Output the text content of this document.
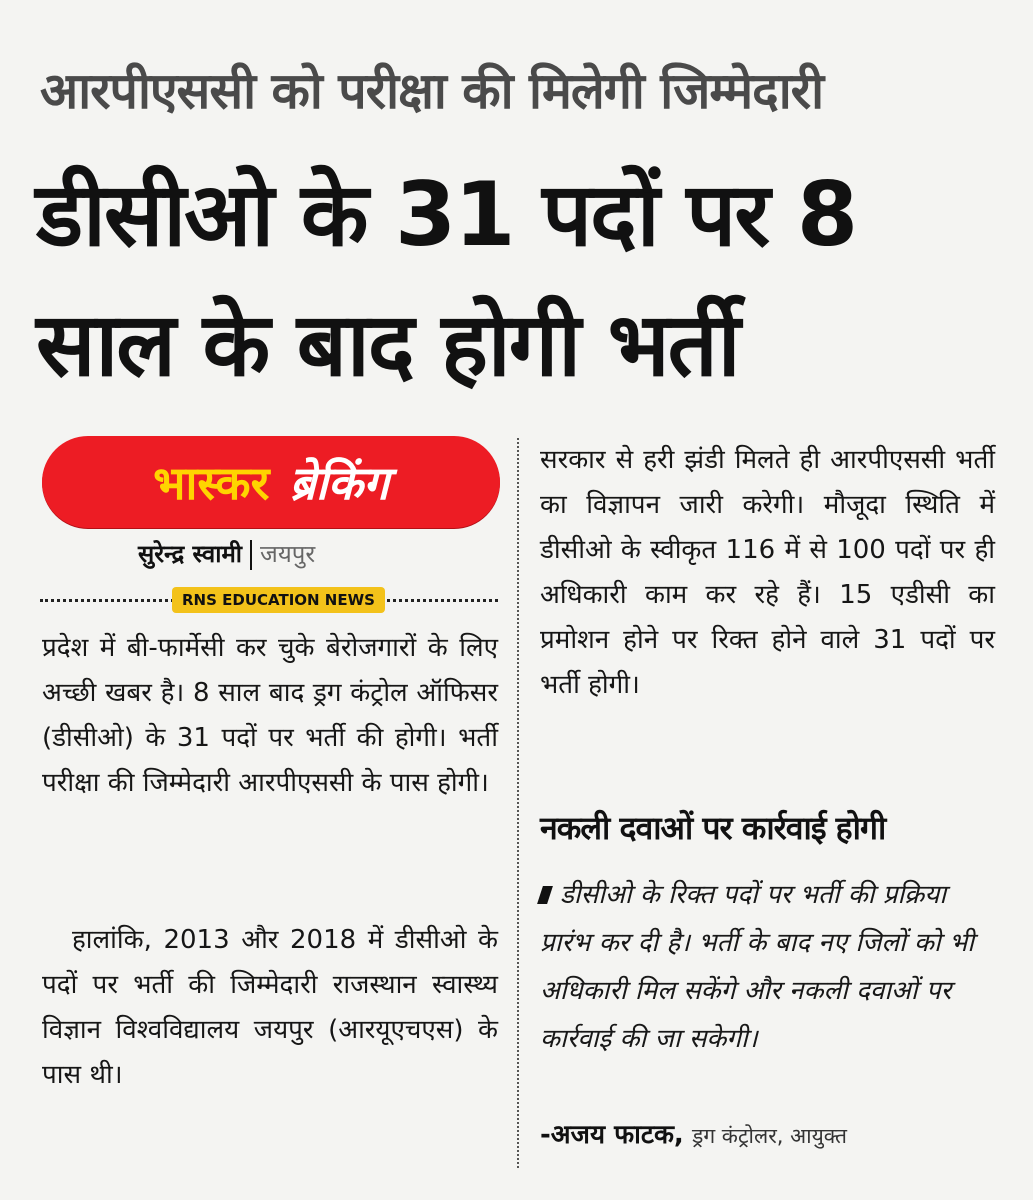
आरपीएससी को परीक्षा की मिलेगी जिम्मेदारी
डीसीओ के 31 पदों पर 8
साल के बाद होगी भर्ती
भास्कर ब्रेकिंग
सुरेन्द्र स्वामी जयपुर
RNS EDUCATION NEWS

प्रदेश में बी-फार्मेसी कर चुके बेरोजगारों के लिए अच्छी खबर है। 8 साल बाद ड्रग कंट्रोल ऑफिसर (डीसीओ) के 31 पदों पर भर्ती की होगी। भर्ती परीक्षा की जिम्मेदारी आरपीएससी के पास होगी।

हालांकि, 2013 और 2018 में डीसीओ के पदों पर भर्ती की जिम्मेदारी राजस्थान स्वास्थ्य विज्ञान विश्वविद्यालय जयपुर (आरयूएचएस) के पास थी।

सरकार से हरी झंडी मिलते ही आरपीएससी भर्ती का विज्ञापन जारी करेगी। मौजूदा स्थिति में डीसीओ के स्वीकृत 116 में से 100 पदों पर ही अधिकारी काम कर रहे हैं। 15 एडीसी का प्रमोशन होने पर रिक्त होने वाले 31 पदों पर भर्ती होगी।

नकली दवाओं पर कार्रवाई होगी

डीसीओ के रिक्त पदों पर भर्ती की प्रक्रिया प्रारंभ कर दी है। भर्ती के बाद नए जिलों को भी अधिकारी मिल सकेंगे और नकली दवाओं पर कार्रवाई की जा सकेगी।

-अजय फाटक, ड्रग कंट्रोलर, आयुक्त
